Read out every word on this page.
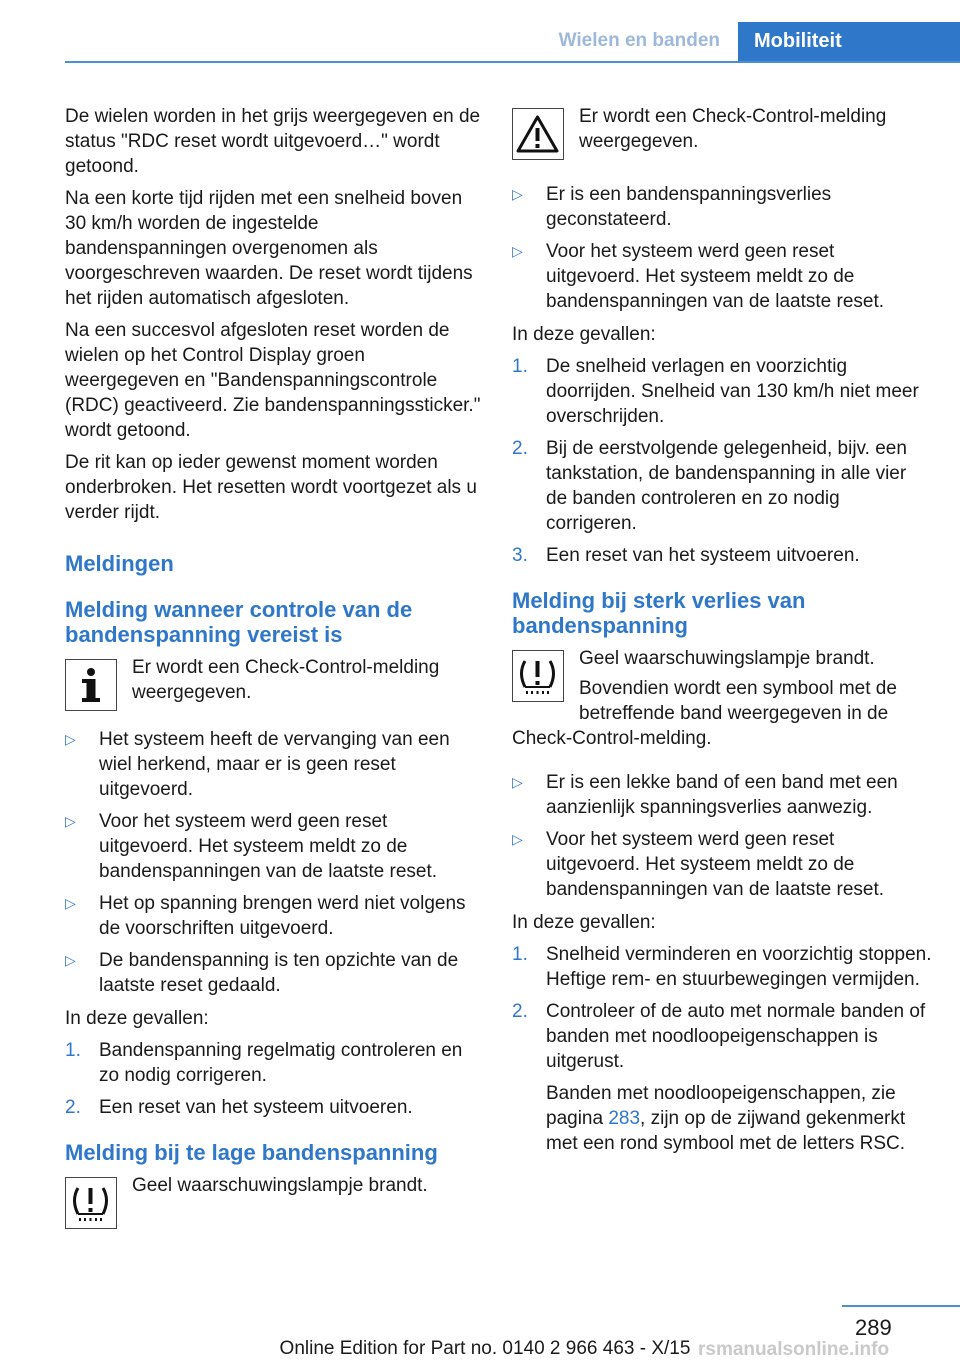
Wielen en banden	Mobiliteit

De wielen worden in het grijs weergegeven en de status "RDC reset wordt uitgevoerd…" wordt getoond.

Na een korte tijd rijden met een snelheid boven 30 km/h worden de ingestelde bandenspanningen overgenomen als voorgeschreven waarden. De reset wordt tijdens het rijden automatisch afgesloten.

Na een succesvol afgesloten reset worden de wielen op het Control Display groen weergegeven en "Bandenspanningscontrole (RDC) geactiveerd. Zie bandenspanningssticker." wordt getoond.

De rit kan op ieder gewenst moment worden onderbroken. Het resetten wordt voortgezet als u verder rijdt.

Meldingen
Melding wanneer controle van de bandenspanning vereist is

Er wordt een Check-Control-melding weergegeven.

▷ Het systeem heeft de vervanging van een wiel herkend, maar er is geen reset uitgevoerd.
▷ Voor het systeem werd geen reset uitgevoerd. Het systeem meldt zo de bandenspanningen van de laatste reset.
▷ Het op spanning brengen werd niet volgens de voorschriften uitgevoerd.
▷ De bandenspanning is ten opzichte van de laatste reset gedaald.

In deze gevallen:

1. Bandenspanning regelmatig controleren en zo nodig corrigeren.
2. Een reset van het systeem uitvoeren.
Melding bij te lage bandenspanning

Geel waarschuwingslampje brandt.

Er wordt een Check-Control-melding weergegeven.

▷ Er is een bandenspanningsverlies geconstateerd.
▷ Voor het systeem werd geen reset uitgevoerd. Het systeem meldt zo de bandenspanningen van de laatste reset.

In deze gevallen:

1. De snelheid verlagen en voorzichtig doorrijden. Snelheid van 130 km/h niet meer overschrijden.
2. Bij de eerstvolgende gelegenheid, bijv. een tankstation, de bandenspanning in alle vier de banden controleren en zo nodig corrigeren.
3. Een reset van het systeem uitvoeren.
Melding bij sterk verlies van bandenspanning

Geel waarschuwingslampje brandt.

Bovendien wordt een symbool met de betreffende band weergegeven in de Check-Control-melding.

▷ Er is een lekke band of een band met een aanzienlijk spanningsverlies aanwezig.
▷ Voor het systeem werd geen reset uitgevoerd. Het systeem meldt zo de bandenspanningen van de laatste reset.

In deze gevallen:

1. Snelheid verminderen en voorzichtig stoppen. Heftige rem- en stuurbewegingen vermijden.
2. Controleer of de auto met normale banden of banden met noodloopeigenschappen is uitgerust.
Banden met noodloopeigenschappen, zie pagina 283, zijn op de zijwand gekenmerkt met een rond symbool met de letters RSC.
289
Online Edition for Part no. 0140 2 966 463 - X/15 rsmanualsonline.info
